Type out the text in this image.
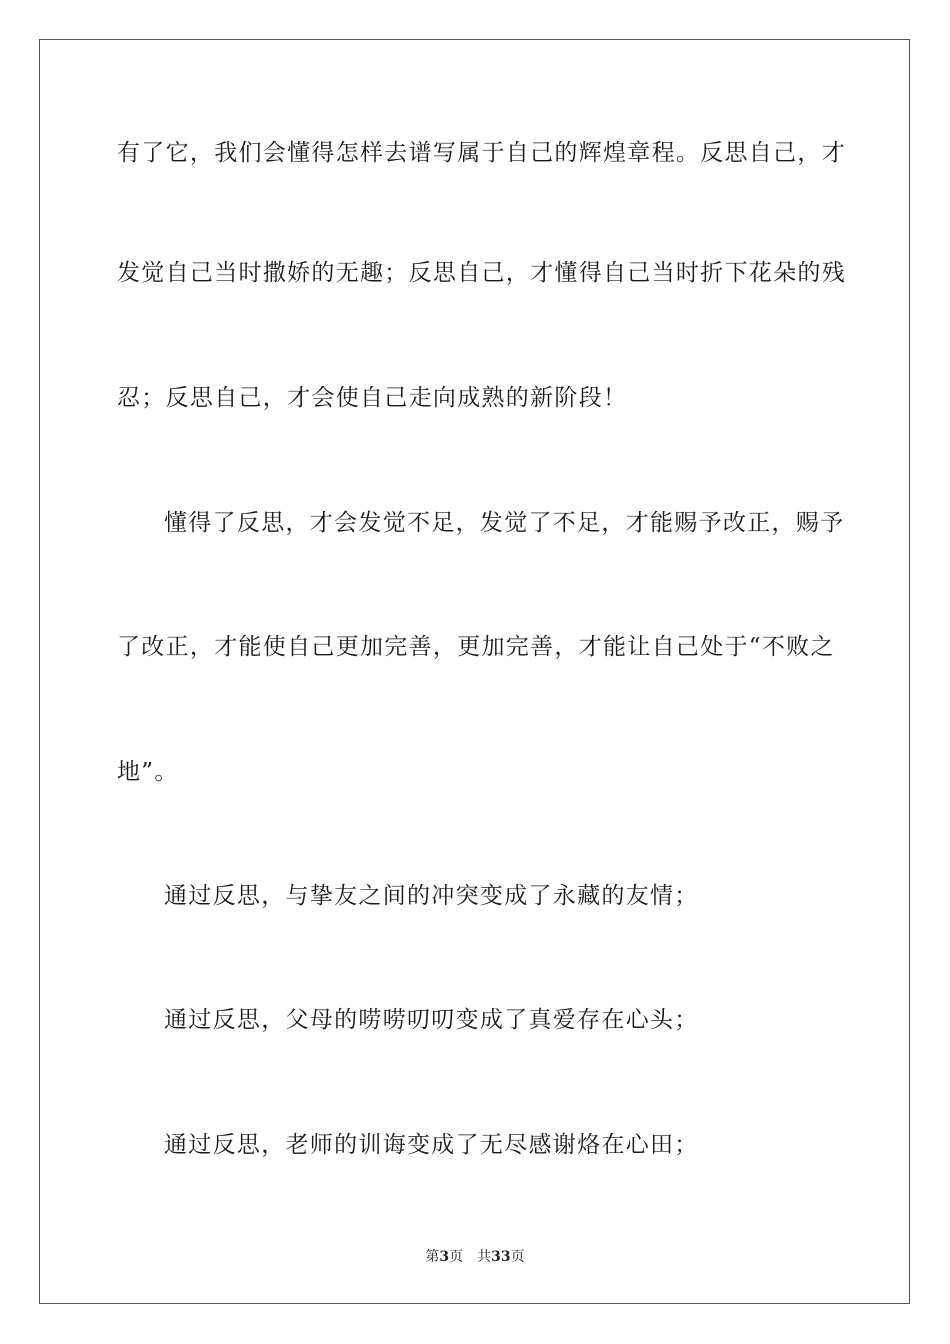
有了它，我们会懂得怎样去谱写属于自己的辉煌章程。反思自己，才
发觉自己当时撒娇的无趣；反思自己，才懂得自己当时折下花朵的残
忍；反思自己，才会使自己走向成熟的新阶段！
懂得了反思，才会发觉不足，发觉了不足，才能赐予改正，赐予
了改正，才能使自己更加完善，更加完善，才能让自己处于“不败之
地”。
通过反思，与挚友之间的冲突变成了永藏的友情；
通过反思，父母的唠唠叨叨变成了真爱存在心头；
通过反思，老师的训诲变成了无尽感谢烙在心田；
第3页　共33页
